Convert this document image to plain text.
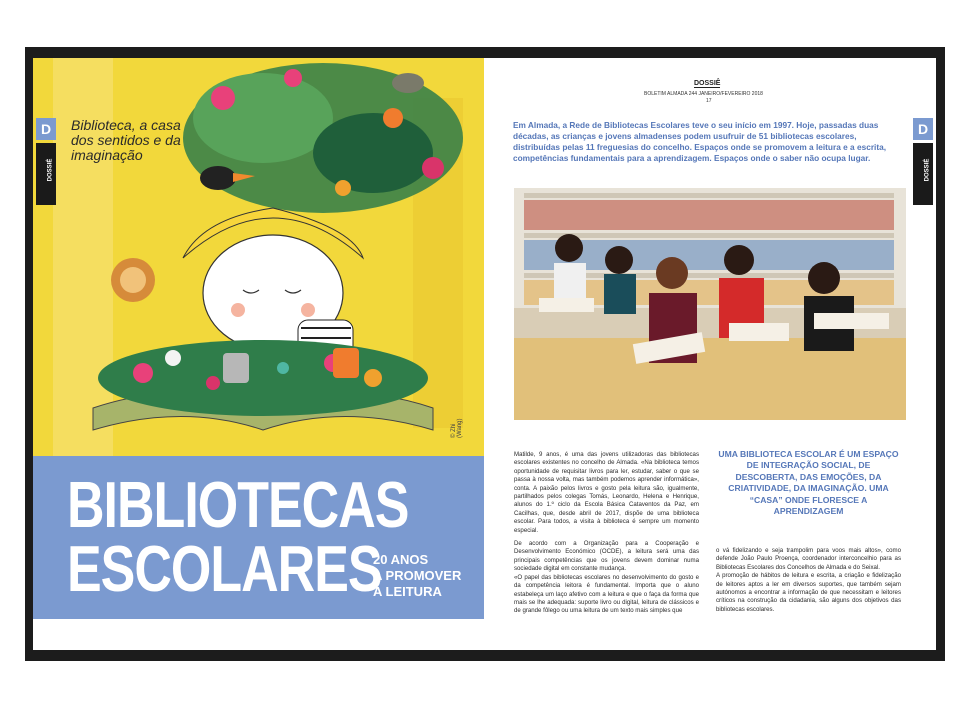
Biblioteca, a casa dos sentidos e da imaginação
© Zhi (Wang)
D
DOSSIÊ
BIBLIOTECAS
ESCOLARES
20 ANOS
A PROMOVER
A LEITURA
DOSSIÊ
BOLETIM ALMADA 244 JANEIRO/FEVEREIRO 2018
17
D
DOSSIÊ
Em Almada, a Rede de Bibliotecas Escolares teve o seu início em 1997. Hoje, passadas duas décadas, as crianças e jovens almadenses podem usufruir de 51 bibliotecas escolares, distribuídas pelas 11 freguesias do concelho. Espaços onde se promovem a leitura e a escrita, competências fundamentais para a aprendizagem. Espaços onde o saber não ocupa lugar.
Matilde, 9 anos, é uma das jovens utilizadoras das bibliotecas escolares existentes no concelho de Almada. «Na biblioteca temos oportunidade de requisitar livros para ler, estudar, saber o que se passa à nossa volta, mas também podemos aprender informática», conta. A paixão pelos livros e gosto pela leitura são, igualmente, partilhados pelos colegas Tomás, Leonardo, Helena e Henrique, alunos do 1.º ciclo da Escola Básica Cataventos da Paz, em Cacilhas, que, desde abril de 2017, dispõe de uma biblioteca escolar. Para todos, a visita à biblioteca é sempre um momento especial.
De acordo com a Organização para a Cooperação e Desenvolvimento Económico (OCDE), a leitura será uma das principais competências que os jovens devem dominar numa sociedade digital em constante mudança.
«O papel das bibliotecas escolares no desenvolvimento do gosto e da competência leitora é fundamental. Importa que o aluno estabeleça um laço afetivo com a leitura e que o faça da forma que mais se lhe adequada: suporte livro ou digital, leitura de clássicos e de grande fôlego ou uma leitura de um texto mais simples que
UMA BIBLIOTECA ESCOLAR É UM ESPAÇO DE INTEGRAÇÃO SOCIAL, DE DESCOBERTA, DAS EMOÇÕES, DA CRIATIVIDADE, DA IMAGINAÇÃO. UMA “CASA” ONDE FLORESCE A APRENDIZAGEM
o vá fidelizando e seja trampolim para voos mais altos», como defende João Paulo Proença, coordenador interconcelhio para as Bibliotecas Escolares dos Concelhos de Almada e do Seixal.
A promoção de hábitos de leitura e escrita, a criação e fidelização de leitores aptos a ler em diversos suportes, que também sejam autónomos a encontrar a informação de que necessitam e leitores críticos na construção da cidadania, são alguns dos objetivos das bibliotecas escolares.
